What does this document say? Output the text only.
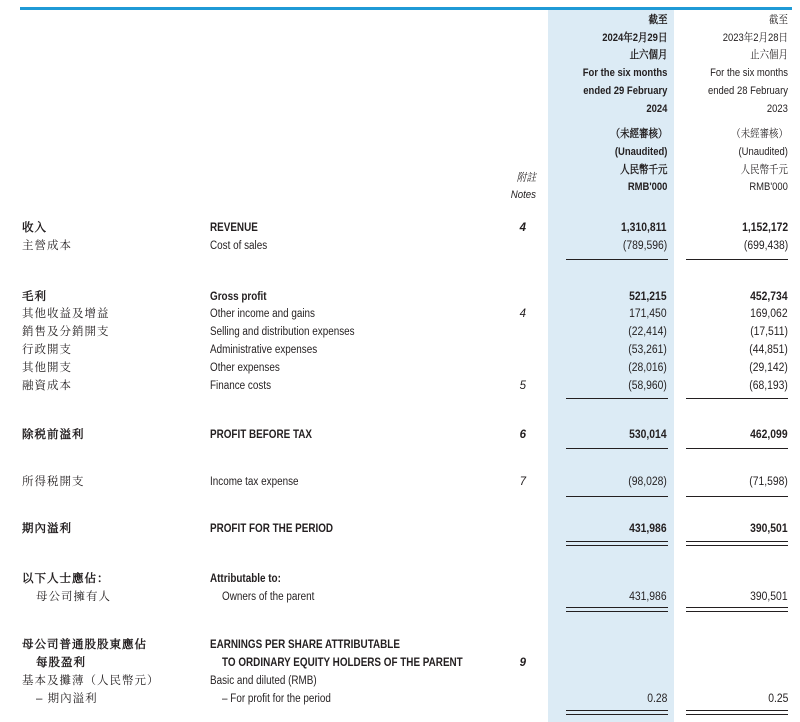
截至
2024年2月29日
止六個月
For the six months
ended 29 February
2024
（未經審核）
(Unaudited)
人民幣千元
RMB'000
截至
2023年2月28日
止六個月
For the six months
ended 28 February
2023
（未經審核）
(Unaudited)
人民幣千元
RMB'000
附註
Notes
收入	REVENUE	4	1,310,811	1,152,172
主營成本	Cost of sales	(789,596)	(699,438)
毛利	Gross profit	521,215	452,734
其他收益及增益	Other income and gains	4	171,450	169,062
銷售及分銷開支	Selling and distribution expenses	(22,414)	(17,511)
行政開支	Administrative expenses	(53,261)	(44,851)
其他開支	Other expenses	(28,016)	(29,142)
融資成本	Finance costs	5	(58,960)	(68,193)
除税前溢利	PROFIT BEFORE TAX	6	530,014	462,099
所得税開支	Income tax expense	7	(98,028)	(71,598)
期內溢利	PROFIT FOR THE PERIOD	431,986	390,501
以下人士應佔：	Attributable to:
母公司擁有人	Owners of the parent	431,986	390,501
母公司普通股股東應佔	EARNINGS PER SHARE ATTRIBUTABLE
每股盈利	TO ORDINARY EQUITY HOLDERS OF THE PARENT	9
基本及攤薄（人民幣元）	Basic and diluted (RMB)
– 期內溢利	– For profit for the period	0.28	0.25
